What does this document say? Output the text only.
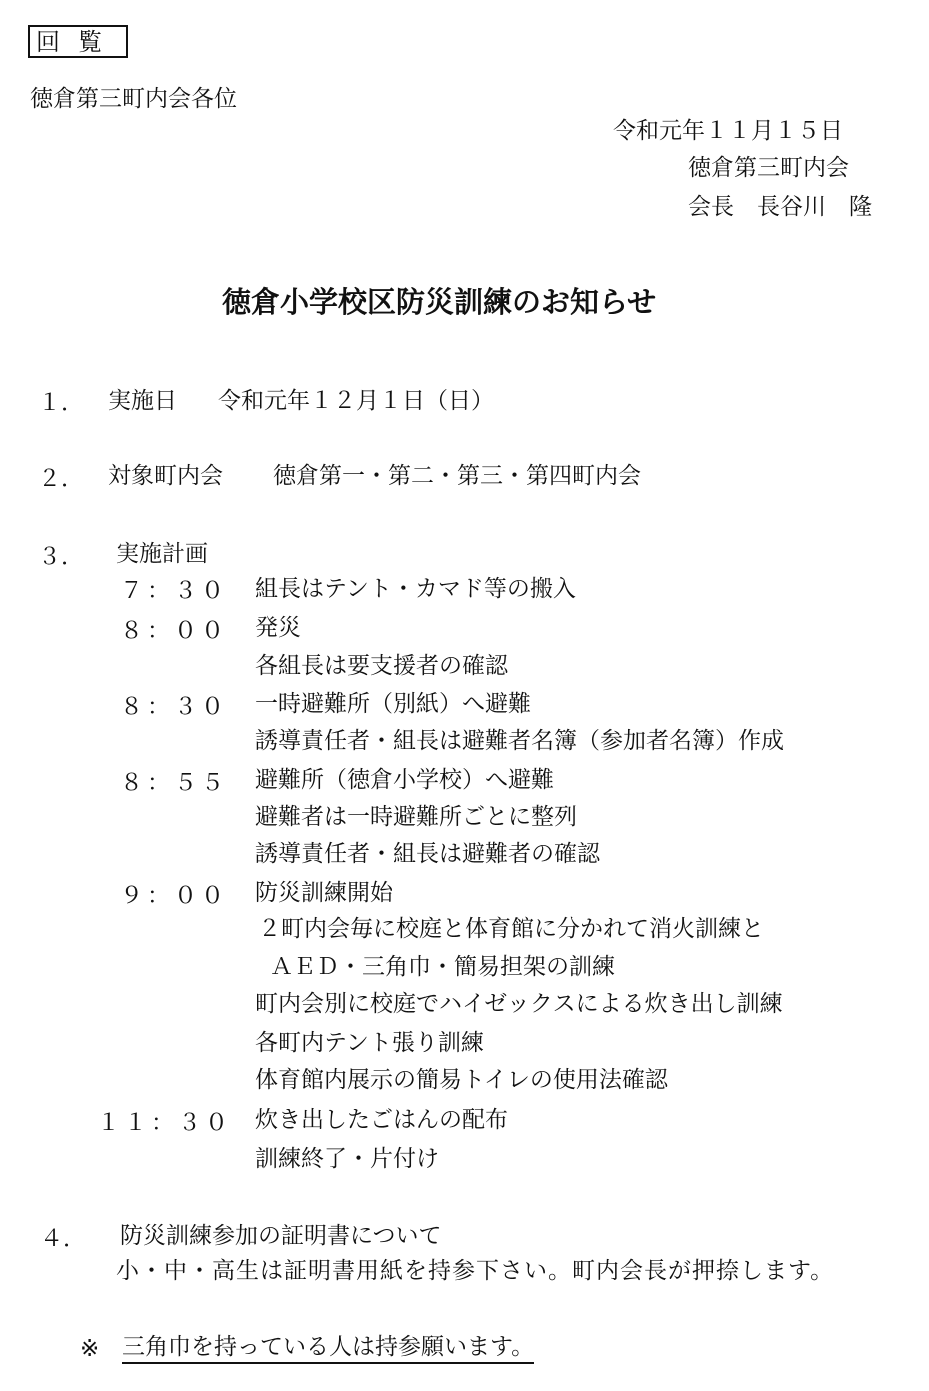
回覧
徳倉第三町内会各位
令和元年１１月１５日
徳倉第三町内会
会長　長谷川　隆
徳倉小学校区防災訓練のお知らせ
１． 実施日 令和元年１２月１日（日）
２． 対象町内会 徳倉第一・第二・第三・第四町内会
３． 実施計画
７：３０ 組長はテント・カマド等の搬入
８：００ 発災
各組長は要支援者の確認
８：３０ 一時避難所（別紙）へ避難
誘導責任者・組長は避難者名簿（参加者名簿）作成
８：５５ 避難所（徳倉小学校）へ避難
避難者は一時避難所ごとに整列
誘導責任者・組長は避難者の確認
９：００ 防災訓練開始
２町内会毎に校庭と体育館に分かれて消火訓練と
ＡＥＤ・三角巾・簡易担架の訓練
町内会別に校庭でハイゼックスによる炊き出し訓練
各町内テント張り訓練
体育館内展示の簡易トイレの使用法確認
１１：３０ 炊き出したごはんの配布
訓練終了・片付け
４． 防災訓練参加の証明書について
小・中・高生は証明書用紙を持参下さい。町内会長が押捺します。
※ 三角巾を持っている人は持参願います。
